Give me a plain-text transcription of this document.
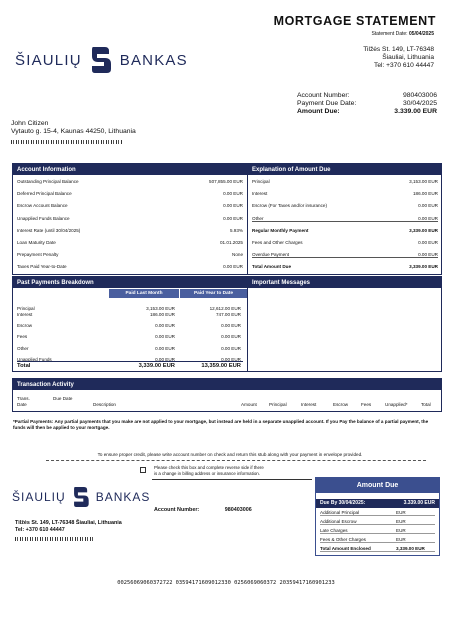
MORTGAGE STATEMENT
Statement Date: 05/04/2025
Tilžės St. 149, LT-76348
Šiauliai, Lithuania
Tel: +370 610 44447
ŠIAULIŲ	BANKAS
Account Number:	980403006
Payment Due Date:	30/04/2025
Amount Due:	3.339.00 EUR
John Citizen
Vytauto g. 15-4, Kaunas 44250, Lithuania
Account Information	Explanation of Amount Due
Outstanding Principal Balance	507,855.00 EUR
Deferred Principal Balance	0.00 EUR
Escrow Account Balance	0.00 EUR
Unapplied Funds Balance	0.00 EUR
Interest Rate (until 30/04/2025)	5.93%
Loan Maturity Date	01.01.2025
Prepayment Penalty	None
Taxes Paid Year-to-Date	0.00 EUR
Principal	3,153.00 EUR
Interest	186.00 EUR
Escrow (For Taxes and/or insurance)	0.00 EUR
Other	0.00 EUR
Regular Monthly Payment	3,339.00 EUR
Fees and Other Charges	0.00 EUR
Overdue Payment	0.00 EUR
Total Amount Due	3,339.00 EUR
Past Payments Breakdown	Important Messages
Paid Last Month	Paid Year to Date
Principal	3,153.00 EUR	12,612.00 EUR
Interest	186.00 EUR	747.00 EUR
Escrow	0.00 EUR	0.00 EUR
Fees	0.00 EUR	0.00 EUR
Other	0.00 EUR	0.00 EUR
Unapplied Funds	0.00 EUR	0.00 EUR
Total	3,339.00 EUR	13,359.00 EUR
Transaction Activity
Trans. Date
Due Date
Description	Amount	Principal	Interest	Escrow	Fees	Unapplied*	Total
*Partial Payments: Any partial payments that you make are not applied to your mortgage, but instead are held in a separate unapplied account. If you Pay the balance of a partial payment, the funds will then be applied to your mortgage.
To ensure proper credit, please write account number on check and return this stub along with your payment in envelope provided.
Please check this box and complete reverse side if there
is a change in billing address or insurance information.
ŠIAULIŲ	BANKAS
Tilžės St. 149, LT-76348 Šiauliai, Lithuania
Tel: +370 610 44447
Account Number:	980403006
Amount Due
Due By 30/04/2025:	3.339.00 EUR
Additional Principal	EUR
Additional Escrow	EUR
Late Charges	EUR
Fees & Other Charges	EUR
Total Amount Enclosed	3,339.00 EUR
00256069060372722 03594171609012330 0256069060372 20359417160901233
